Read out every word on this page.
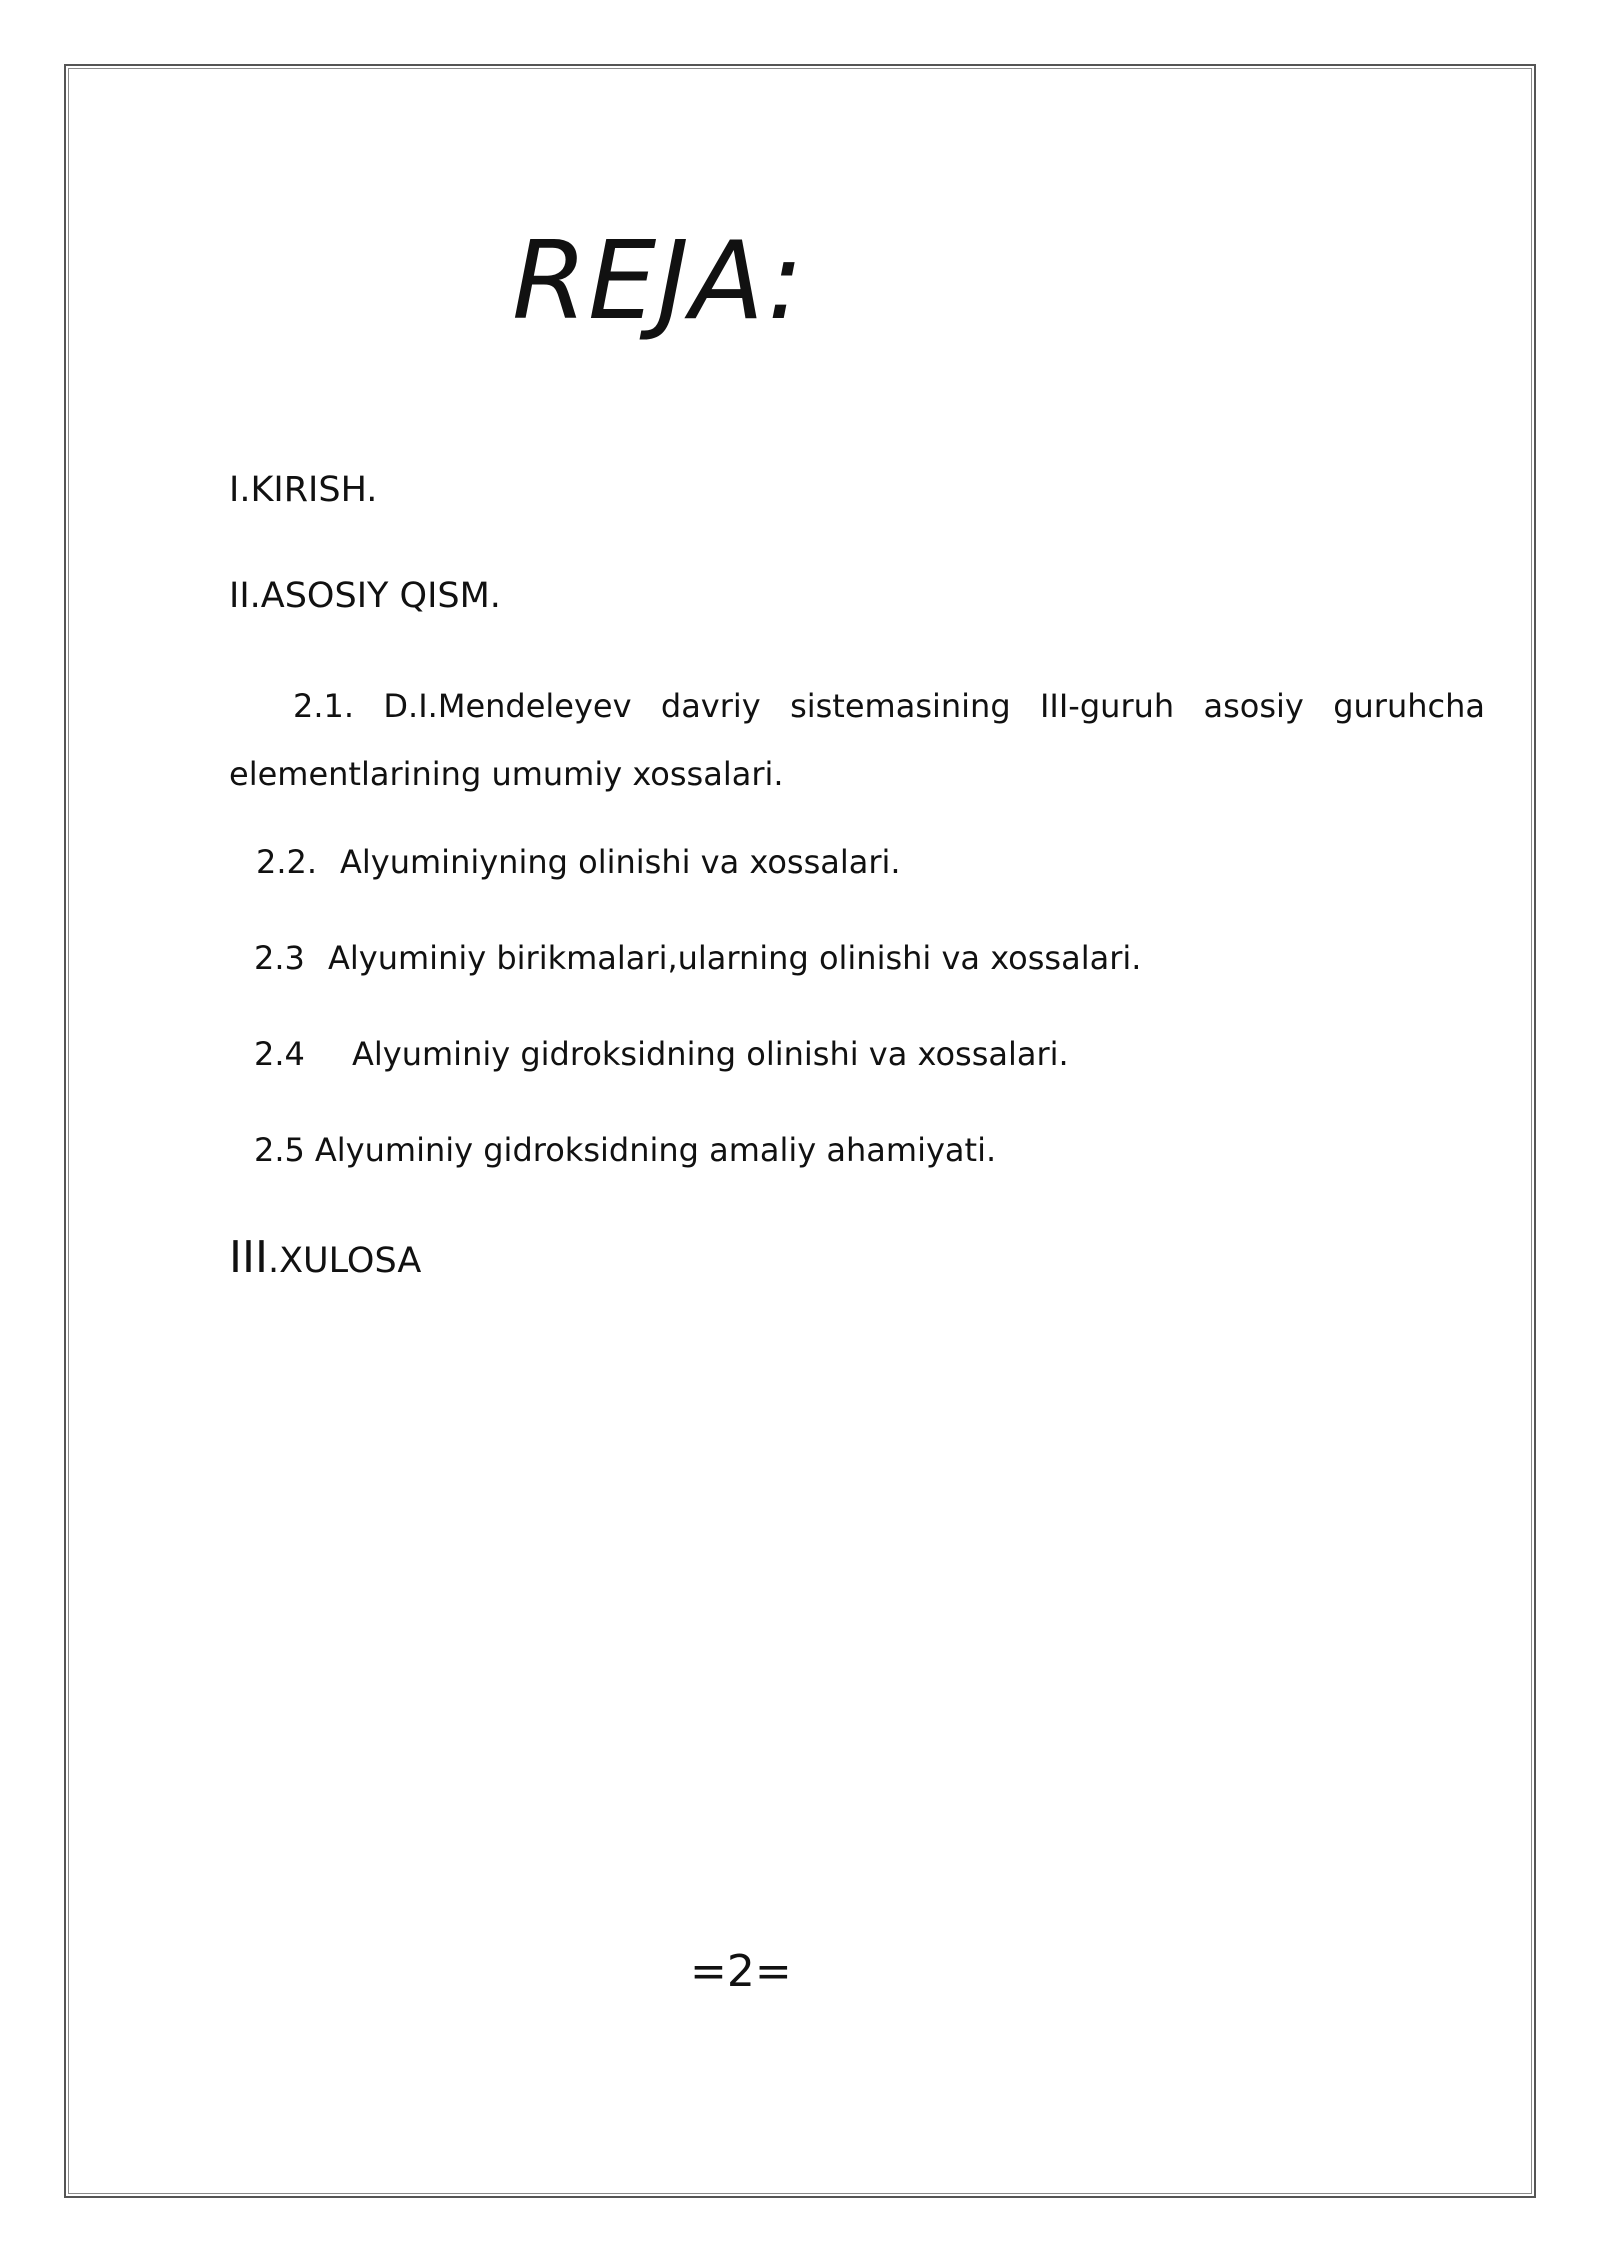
REJA:
I.KIRISH.
II.ASOSIY QISM.
2.1. D.I.Mendeleyev davriy sistemasining III-guruh asosiy guruhcha elementlarining umumiy xossalari.
2.2. Alyuminiyning olinishi va xossalari.
2.3 Alyuminiy birikmalari,ularning olinishi va xossalari.
2.4 Alyuminiy gidroksidning olinishi va xossalari.
2.5 Alyuminiy gidroksidning amaliy ahamiyati.
III.XULOSA
=2=
